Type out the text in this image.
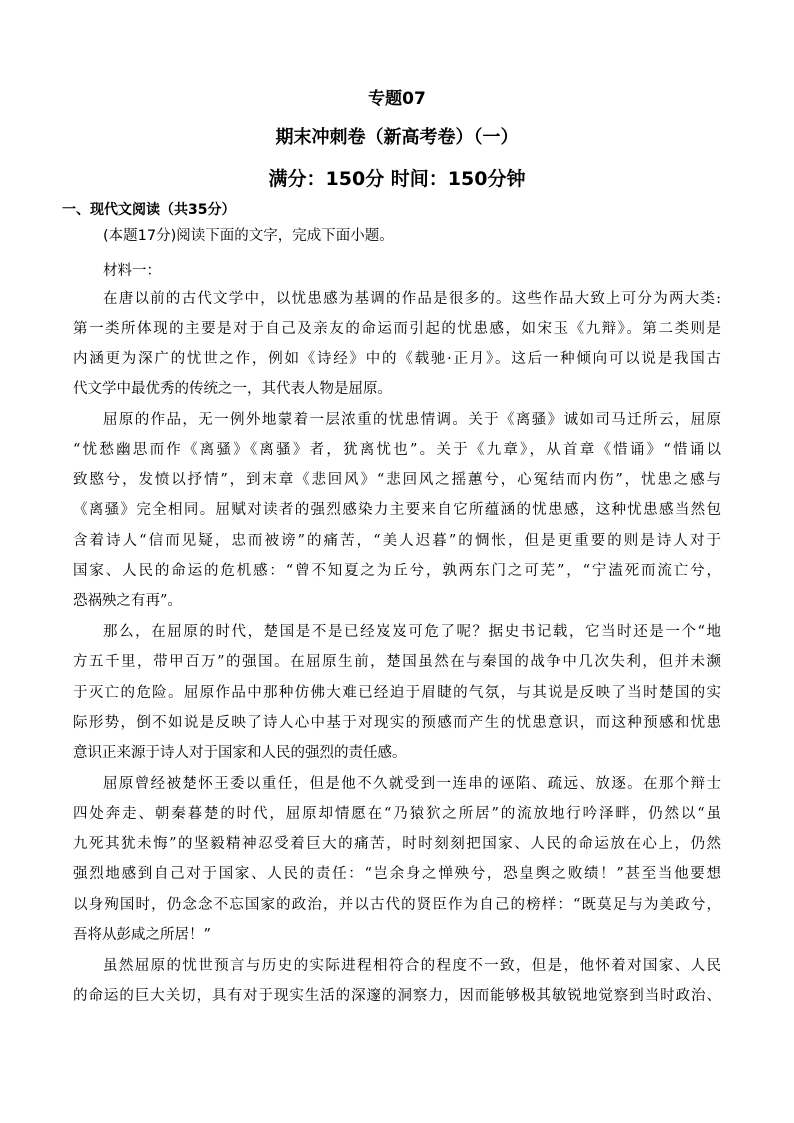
专题07
期末冲刺卷（新高考卷）（一）
满分：150分 时间：150分钟
一、现代文阅读（共35分）
(本题17分)阅读下面的文字，完成下面小题。
材料一：
在唐以前的古代文学中，以忧患感为基调的作品是很多的。这些作品大致上可分为两大类:
第一类所体现的主要是对于自己及亲友的命运而引起的忧患感，如宋玉《九辩》。第二类则是
内涵更为深广的忧世之作，例如《诗经》中的《载驰·正月》。这后一种倾向可以说是我国古
代文学中最优秀的传统之一，其代表人物是屈原。
屈原的作品，无一例外地蒙着一层浓重的忧患情调。关于《离骚》诚如司马迁所云，屈原
“忧愁幽思而作《离骚》《离骚》者，犹离忧也”。关于《九章》，从首章《惜诵》“惜诵以
致愍兮，发愤以抒情”，到末章《悲回风》“悲回风之摇蕙兮，心冤结而内伤”，忧患之感与
《离骚》完全相同。屈赋对读者的强烈感染力主要来自它所蕴涵的忧患感，这种忧患感当然包
含着诗人“信而见疑，忠而被谤”的痛苦，“美人迟暮”的惆怅，但是更重要的则是诗人对于
国家、人民的命运的危机感：“曾不知夏之为丘兮，孰两东门之可芜”，“宁溘死而流亡兮，
恐祸殃之有再”。
那么，在屈原的时代，楚国是不是已经岌岌可危了呢？据史书记载，它当时还是一个“地
方五千里，带甲百万”的强国。在屈原生前，楚国虽然在与秦国的战争中几次失利，但并未濒
于灭亡的危险。屈原作品中那种仿佛大难已经迫于眉睫的气氛，与其说是反映了当时楚国的实
际形势，倒不如说是反映了诗人心中基于对现实的预感而产生的忧患意识，而这种预感和忧患
意识正来源于诗人对于国家和人民的强烈的责任感。
屈原曾经被楚怀王委以重任，但是他不久就受到一连串的诬陷、疏远、放逐。在那个辩士
四处奔走、朝秦暮楚的时代，屈原却情愿在“乃猿狖之所居”的流放地行吟泽畔，仍然以“虽
九死其犹未悔”的坚毅精神忍受着巨大的痛苦，时时刻刻把国家、人民的命运放在心上，仍然
强烈地感到自己对于国家、人民的责任：“岂余身之惮殃兮，恐皇舆之败绩！”甚至当他要想
以身殉国时，仍念念不忘国家的政治，并以古代的贤臣作为自己的榜样：“既莫足与为美政兮，
吾将从彭咸之所居！”
虽然屈原的忧世预言与历史的实际进程相符合的程度不一致，但是，他怀着对国家、人民
的命运的巨大关切，具有对于现实生活的深邃的洞察力，因而能够极其敏锐地觉察到当时政治、
